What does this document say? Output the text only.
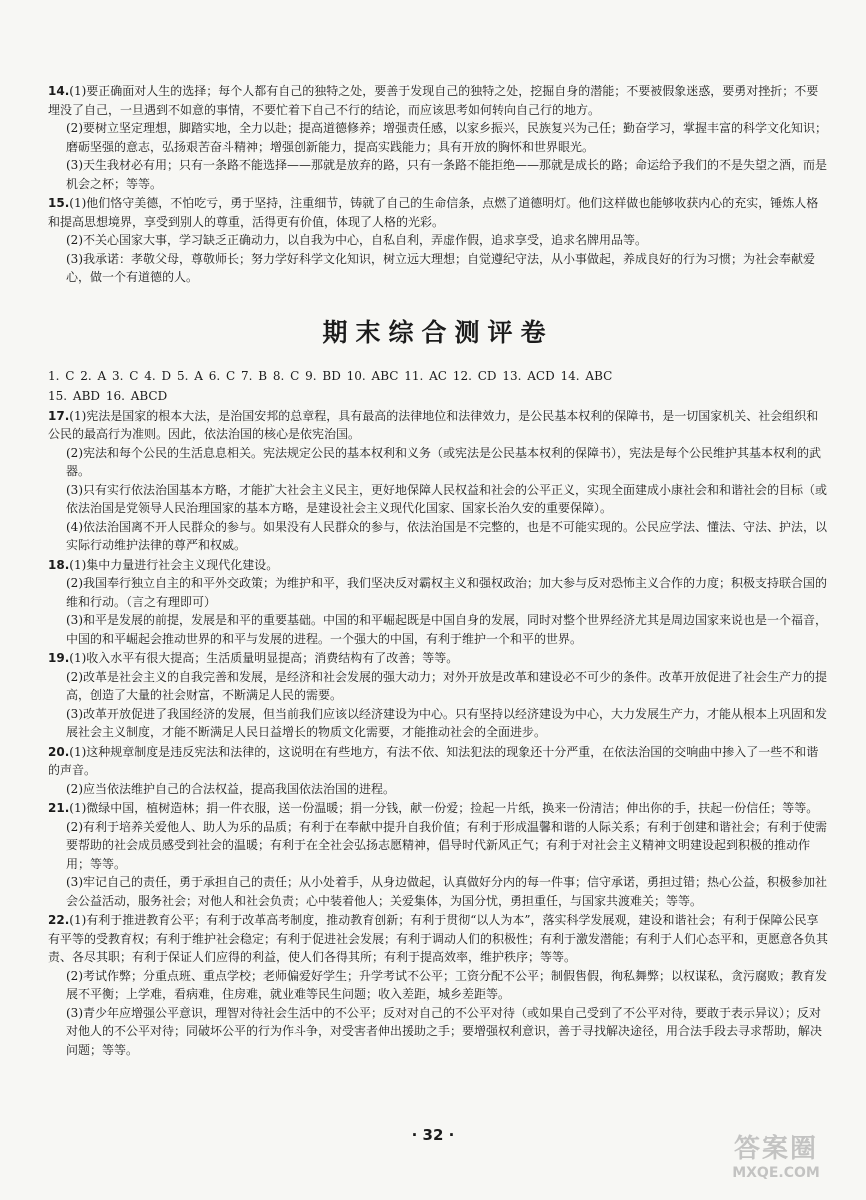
14.(1)要正确面对人生的选择；每个人都有自己的独特之处，要善于发现自己的独特之处，挖掘自身的潜能；不要被假象迷惑，要勇对挫折；不要埋没了自己，一旦遇到不如意的事情，不要忙着下自己不行的结论，而应该思考如何转向自己行的地方。
(2)要树立坚定理想，脚踏实地，全力以赴；提高道德修养；增强责任感，以家乡振兴，民族复兴为己任；勤奋学习，掌握丰富的科学文化知识；磨砺坚强的意志，弘扬艰苦奋斗精神；增强创新能力，提高实践能力；具有开放的胸怀和世界眼光。
(3)天生我材必有用；只有一条路不能选择——那就是放弃的路，只有一条路不能拒绝——那就是成长的路；命运给予我们的不是失望之酒，而是机会之杯；等等。
15.(1)他们恪守美德，不怕吃亏，勇于坚持，注重细节，铸就了自己的生命信条，点燃了道德明灯。他们这样做也能够收获内心的充实，锤炼人格和提高思想境界，享受到别人的尊重，活得更有价值，体现了人格的光彩。
(2)不关心国家大事，学习缺乏正确动力，以自我为中心，自私自利，弄虚作假，追求享受，追求名牌用品等。
(3)我承诺：孝敬父母，尊敬师长；努力学好科学文化知识，树立远大理想；自觉遵纪守法，从小事做起，养成良好的行为习惯；为社会奉献爱心，做一个有道德的人。
期末综合测评卷
1. C 2. A 3. C 4. D 5. A 6. C 7. B 8. C 9. BD 10. ABC 11. AC 12. CD 13. ACD 14. ABC
15. ABD 16. ABCD
17.(1)宪法是国家的根本大法，是治国安邦的总章程，具有最高的法律地位和法律效力，是公民基本权利的保障书，是一切国家机关、社会组织和公民的最高行为准则。因此，依法治国的核心是依宪治国。
(2)宪法和每个公民的生活息息相关。宪法规定公民的基本权利和义务（或宪法是公民基本权利的保障书），宪法是每个公民维护其基本权利的武器。
(3)只有实行依法治国基本方略，才能扩大社会主义民主，更好地保障人民权益和社会的公平正义，实现全面建成小康社会和和谐社会的目标（或依法治国是党领导人民治理国家的基本方略，是建设社会主义现代化国家、国家长治久安的重要保障）。
(4)依法治国离不开人民群众的参与。如果没有人民群众的参与，依法治国是不完整的，也是不可能实现的。公民应学法、懂法、守法、护法，以实际行动维护法律的尊严和权威。
18.(1)集中力量进行社会主义现代化建设。
(2)我国奉行独立自主的和平外交政策；为维护和平，我们坚决反对霸权主义和强权政治；加大参与反对恐怖主义合作的力度；积极支持联合国的维和行动。（言之有理即可）
(3)和平是发展的前提，发展是和平的重要基础。中国的和平崛起既是中国自身的发展，同时对整个世界经济尤其是周边国家来说也是一个福音，中国的和平崛起会推动世界的和平与发展的进程。一个强大的中国，有利于维护一个和平的世界。
19.(1)收入水平有很大提高；生活质量明显提高；消费结构有了改善；等等。
(2)改革是社会主义的自我完善和发展，是经济和社会发展的强大动力；对外开放是改革和建设必不可少的条件。改革开放促进了社会生产力的提高，创造了大量的社会财富，不断满足人民的需要。
(3)改革开放促进了我国经济的发展，但当前我们应该以经济建设为中心。只有坚持以经济建设为中心，大力发展生产力，才能从根本上巩固和发展社会主义制度，才能不断满足人民日益增长的物质文化需要，才能推动社会的全面进步。
20.(1)这种规章制度是违反宪法和法律的，这说明在有些地方，有法不依、知法犯法的现象还十分严重，在依法治国的交响曲中掺入了一些不和谐的声音。
(2)应当依法维护自己的合法权益，提高我国依法治国的进程。
21.(1)微绿中国，植树造林；捐一件衣服，送一份温暖；捐一分钱，献一份爱；捡起一片纸，换来一份清洁；伸出你的手，扶起一份信任；等等。
(2)有利于培养关爱他人、助人为乐的品质；有利于在奉献中提升自我价值；有利于形成温馨和谐的人际关系；有利于创建和谐社会；有利于使需要帮助的社会成员感受到社会的温暖；有利于在全社会弘扬志愿精神，倡导时代新风正气；有利于对社会主义精神文明建设起到积极的推动作用；等等。
(3)牢记自己的责任，勇于承担自己的责任；从小处着手，从身边做起，认真做好分内的每一件事；信守承诺，勇担过错；热心公益，积极参加社会公益活动，服务社会；对他人和社会负责；心中装着他人；关爱集体，为国分忧，勇担重任，与国家共渡难关；等等。
22.(1)有利于推进教育公平；有利于改革高考制度，推动教育创新；有利于贯彻“以人为本”，落实科学发展观，建设和谐社会；有利于保障公民享有平等的受教育权；有利于维护社会稳定；有利于促进社会发展；有利于调动人们的积极性；有利于激发潜能；有利于人们心态平和，更愿意各负其责、各尽其职；有利于保证人们应得的利益，使人们各得其所；有利于提高效率，维护秩序；等等。
(2)考试作弊；分重点班、重点学校；老师偏爱好学生；升学考试不公平；工资分配不公平；制假售假，徇私舞弊；以权谋私，贪污腐败；教育发展不平衡；上学难，看病难，住房难，就业难等民生问题；收入差距，城乡差距等。
(3)青少年应增强公平意识，理智对待社会生活中的不公平；反对对自己的不公平对待（或如果自己受到了不公平对待，要敢于表示异议）；反对对他人的不公平对待；同破坏公平的行为作斗争，对受害者伸出援助之手；要增强权利意识，善于寻找解决途径，用合法手段去寻求帮助，解决问题；等等。
· 32 ·	答案圈
MXQE.COM
